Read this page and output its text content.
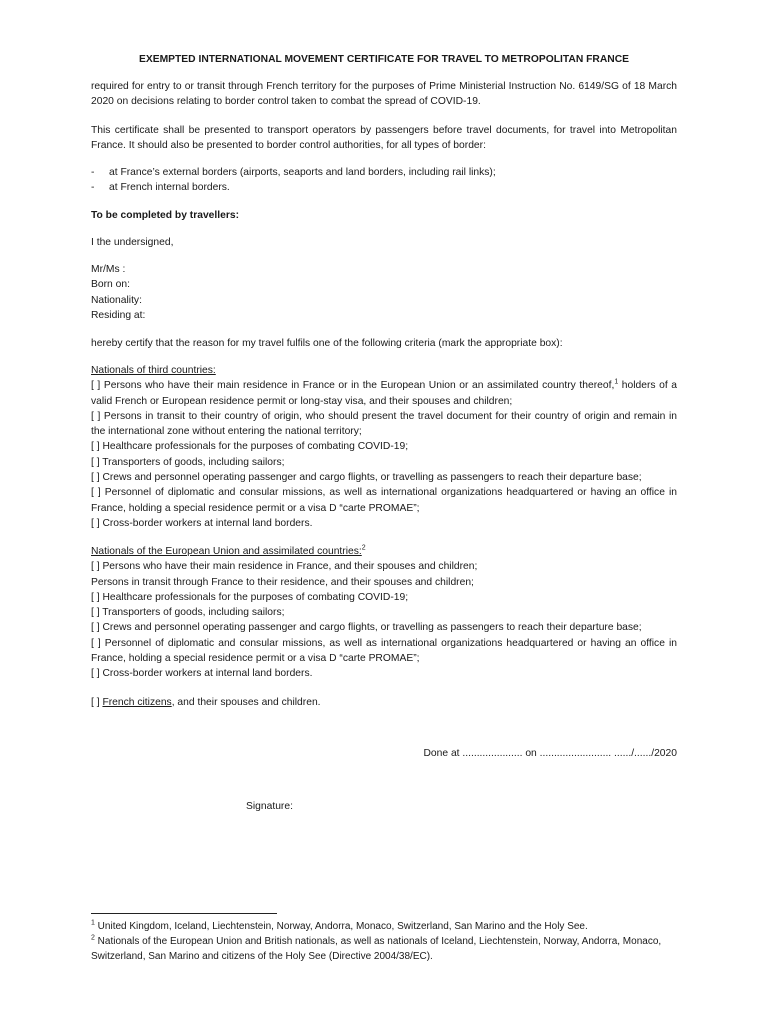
EXEMPTED INTERNATIONAL MOVEMENT CERTIFICATE FOR TRAVEL TO METROPOLITAN FRANCE

required for entry to or transit through French territory for the purposes of Prime Ministerial Instruction No. 6149/SG of 18 March 2020 on decisions relating to border control taken to combat the spread of COVID-19.

This certificate shall be presented to transport operators by passengers before travel documents, for travel into Metropolitan France. It should also be presented to border control authorities, for all types of border:

-	at France’s external borders (airports, seaports and land borders, including rail links);
-	at French internal borders.

To be completed by travellers:

I the undersigned,

Mr/Ms :
Born on:
Nationality:
Residing at:

hereby certify that the reason for my travel fulfils one of the following criteria (mark the appropriate box):

Nationals of third countries:
[ ] Persons who have their main residence in France or in the European Union or an assimilated country thereof,$^1$ holders of a valid French or European residence permit or long-stay visa, and their spouses and children;
[ ] Persons in transit to their country of origin, who should present the travel document for their country of origin and remain in the international zone without entering the national territory;
[ ] Healthcare professionals for the purposes of combating COVID-19;
[ ] Transporters of goods, including sailors;
[ ] Crews and personnel operating passenger and cargo flights, or travelling as passengers to reach their departure base;
[ ] Personnel of diplomatic and consular missions, as well as international organizations headquartered or having an office in France, holding a special residence permit or a visa D “carte PROMAE”;
[ ] Cross-border workers at internal land borders.
Nationals of the European Union and assimilated countries:$^2$
[ ] Persons who have their main residence in France, and their spouses and children;
Persons in transit through France to their residence, and their spouses and children;
[ ] Healthcare professionals for the purposes of combating COVID-19;
[ ] Transporters of goods, including sailors;
[ ] Crews and personnel operating passenger and cargo flights, or travelling as passengers to reach their departure base;
[ ] Personnel of diplomatic and consular missions, as well as international organizations headquartered or having an office in France, holding a special residence permit or a visa D “carte PROMAE”;
[ ] Cross-border workers at internal land borders.
[ ] French citizens, and their spouses and children.
Done at ..................... on ......................... ....../....../2020
Signature:
$^1$ United Kingdom, Iceland, Liechtenstein, Norway, Andorra, Monaco, Switzerland, San Marino and the Holy See.
$^2$ Nationals of the European Union and British nationals, as well as nationals of Iceland, Liechtenstein, Norway, Andorra, Monaco, Switzerland, San Marino and citizens of the Holy See (Directive 2004/38/EC).
